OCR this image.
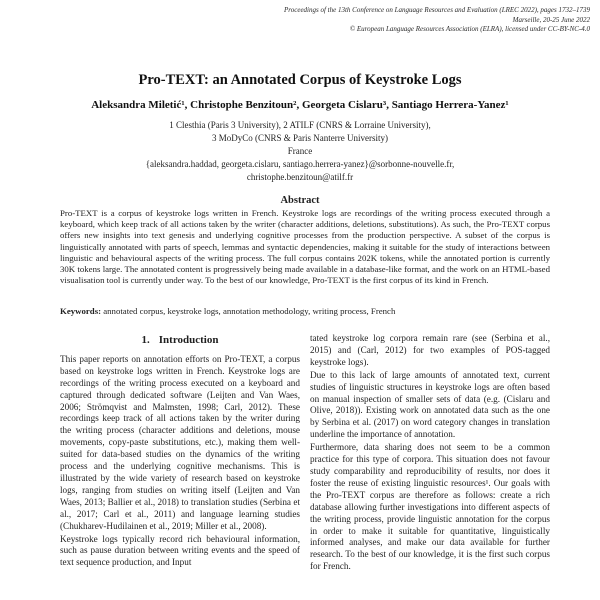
Proceedings of the 13th Conference on Language Resources and Evaluation (LREC 2022), pages 1732–1739
Marseille, 20-25 June 2022
© European Language Resources Association (ELRA), licensed under CC-BY-NC-4.0
Pro-TEXT: an Annotated Corpus of Keystroke Logs
Aleksandra Miletić¹, Christophe Benzitoun², Georgeta Cislaru³, Santiago Herrera-Yanez¹
1 Clesthia (Paris 3 University), 2 ATILF (CNRS & Lorraine University),
3 MoDyCo (CNRS & Paris Nanterre University)
France
{aleksandra.haddad, georgeta.cislaru, santiago.herrera-yanez}@sorbonne-nouvelle.fr,
christophe.benzitoun@atilf.fr
Abstract
Pro-TEXT is a corpus of keystroke logs written in French. Keystroke logs are recordings of the writing process executed through a keyboard, which keep track of all actions taken by the writer (character additions, deletions, substitutions). As such, the Pro-TEXT corpus offers new insights into text genesis and underlying cognitive processes from the production perspective. A subset of the corpus is linguistically annotated with parts of speech, lemmas and syntactic dependencies, making it suitable for the study of interactions between linguistic and behavioural aspects of the writing process. The full corpus contains 202K tokens, while the annotated portion is currently 30K tokens large. The annotated content is progressively being made available in a database-like format, and the work on an HTML-based visualisation tool is currently under way. To the best of our knowledge, Pro-TEXT is the first corpus of its kind in French.
Keywords: annotated corpus, keystroke logs, annotation methodology, writing process, French
1. Introduction

This paper reports on annotation efforts on Pro-TEXT, a corpus based on keystroke logs written in French. Keystroke logs are recordings of the writing process executed on a keyboard and captured through dedicated software (Leijten and Van Waes, 2006; Strömqvist and Malmsten, 1998; Carl, 2012). These recordings keep track of all actions taken by the writer during the writing process (character additions and deletions, mouse movements, copy-paste substitutions, etc.), making them well-suited for data-based studies on the dynamics of the writing process and the underlying cognitive mechanisms. This is illustrated by the wide variety of research based on keystroke logs, ranging from studies on writing itself (Leijten and Van Waes, 2013; Ballier et al., 2018) to translation studies (Serbina et al., 2017; Carl et al., 2011) and language learning studies (Chukharev-Hudilainen et al., 2019; Miller et al., 2008).

Keystroke logs typically record rich behavioural information, such as pause duration between writing events and the speed of text sequence production, and Input

tated keystroke log corpora remain rare (see (Serbina et al., 2015) and (Carl, 2012) for two examples of POS-tagged keystroke logs).

Due to this lack of large amounts of annotated text, current studies of linguistic structures in keystroke logs are often based on manual inspection of smaller sets of data (e.g. (Cislaru and Olive, 2018)). Existing work on annotated data such as the one by Serbina et al. (2017) on word category changes in translation underline the importance of annotation.

Furthermore, data sharing does not seem to be a common practice for this type of corpora. This situation does not favour study comparability and reproducibility of results, nor does it foster the reuse of existing linguistic resources¹. Our goals with the Pro-TEXT corpus are therefore as follows: create a rich database allowing further investigations into different aspects of the writing process, provide linguistic annotation for the corpus in order to make it suitable for quantitative, linguistically informed analyses, and make our data available for further research. To the best of our knowledge, it is the first such corpus for French.
